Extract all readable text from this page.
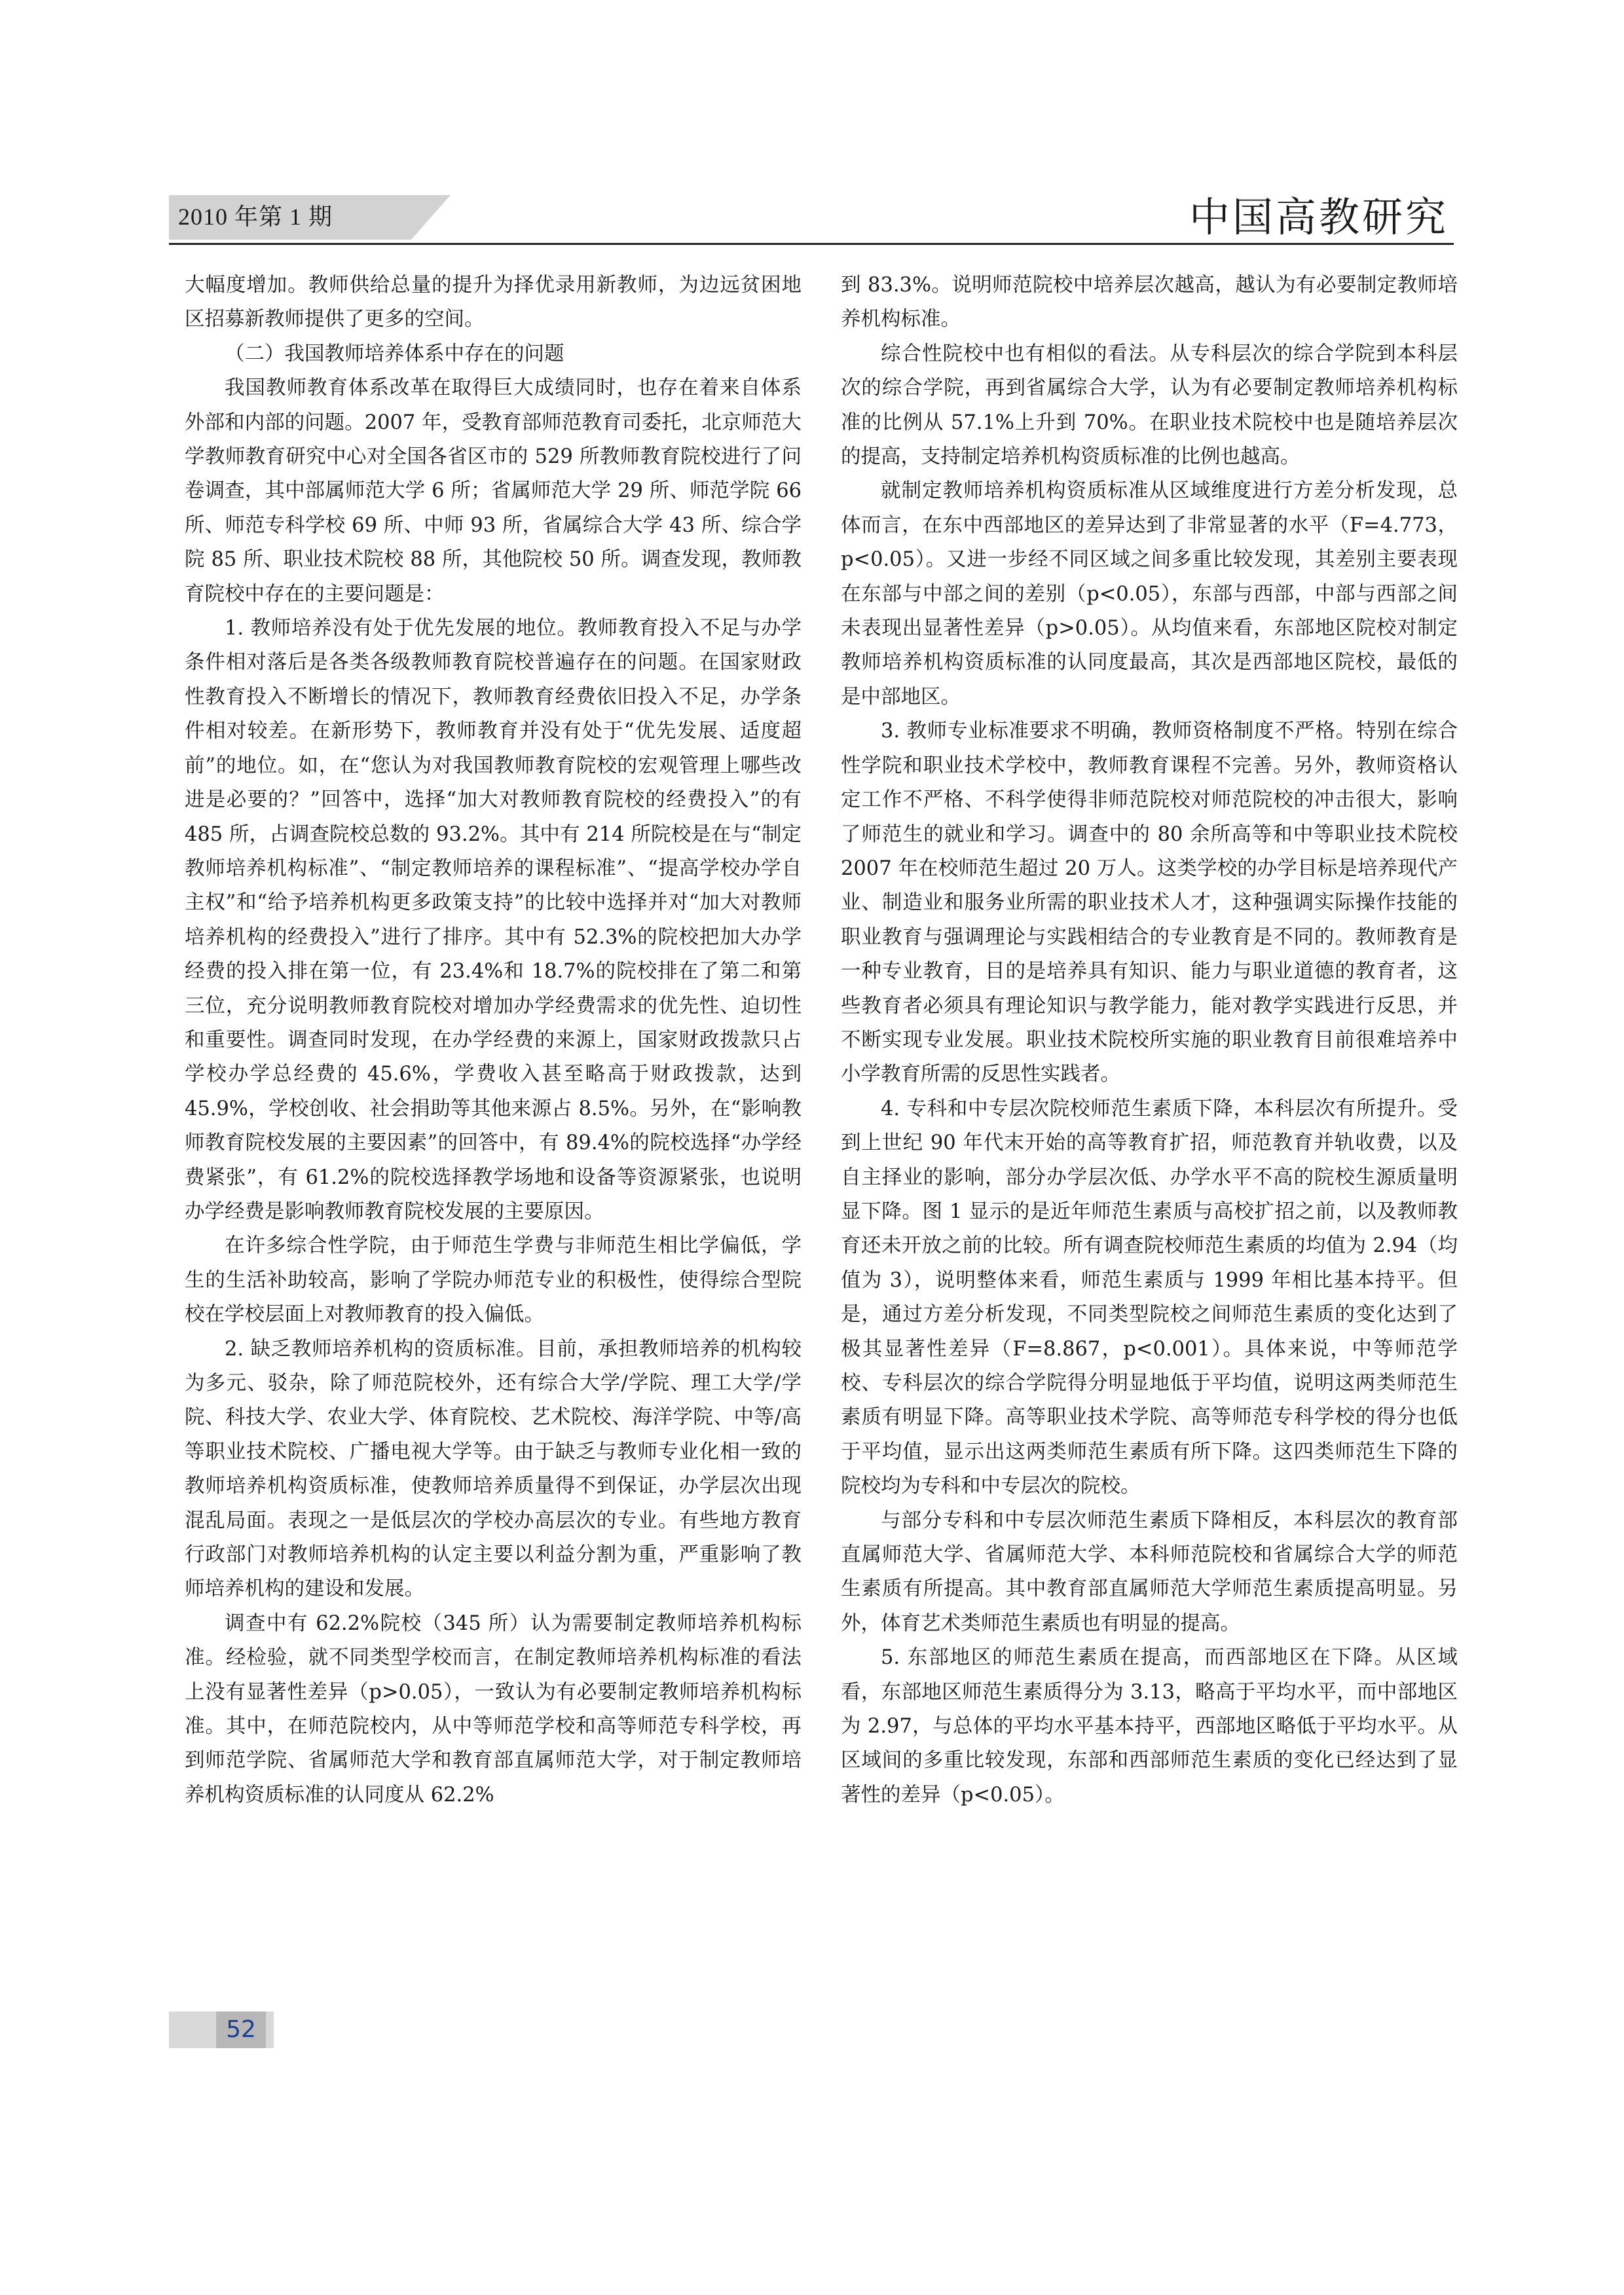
2010 年第 1 期	中国高教研究

大幅度增加。教师供给总量的提升为择优录用新教师，为边远贫困地区招募新教师提供了更多的空间。

（二）我国教师培养体系中存在的问题

我国教师教育体系改革在取得巨大成绩同时，也存在着来自体系外部和内部的问题。2007 年，受教育部师范教育司委托，北京师范大学教师教育研究中心对全国各省区市的 529 所教师教育院校进行了问卷调查，其中部属师范大学 6 所；省属师范大学 29 所、师范学院 66 所、师范专科学校 69 所、中师 93 所，省属综合大学 43 所、综合学院 85 所、职业技术院校 88 所，其他院校 50 所。调查发现，教师教育院校中存在的主要问题是：

1. 教师培养没有处于优先发展的地位。教师教育投入不足与办学条件相对落后是各类各级教师教育院校普遍存在的问题。在国家财政性教育投入不断增长的情况下，教师教育经费依旧投入不足，办学条件相对较差。在新形势下，教师教育并没有处于“优先发展、适度超前”的地位。如，在“您认为对我国教师教育院校的宏观管理上哪些改进是必要的？”回答中，选择“加大对教师教育院校的经费投入”的有 485 所，占调查院校总数的 93.2%。其中有 214 所院校是在与“制定教师培养机构标准”、“制定教师培养的课程标准”、“提高学校办学自主权”和“给予培养机构更多政策支持”的比较中选择并对“加大对教师培养机构的经费投入”进行了排序。其中有 52.3%的院校把加大办学经费的投入排在第一位，有 23.4%和 18.7%的院校排在了第二和第三位，充分说明教师教育院校对增加办学经费需求的优先性、迫切性和重要性。调查同时发现，在办学经费的来源上，国家财政拨款只占学校办学总经费的 45.6%，学费收入甚至略高于财政拨款，达到 45.9%，学校创收、社会捐助等其他来源占 8.5%。另外，在“影响教师教育院校发展的主要因素”的回答中，有 89.4%的院校选择“办学经费紧张”，有 61.2%的院校选择教学场地和设备等资源紧张，也说明办学经费是影响教师教育院校发展的主要原因。

在许多综合性学院，由于师范生学费与非师范生相比学偏低，学生的生活补助较高，影响了学院办师范专业的积极性，使得综合型院校在学校层面上对教师教育的投入偏低。

2. 缺乏教师培养机构的资质标准。目前，承担教师培养的机构较为多元、驳杂，除了师范院校外，还有综合大学/学院、理工大学/学院、科技大学、农业大学、体育院校、艺术院校、海洋学院、中等/高等职业技术院校、广播电视大学等。由于缺乏与教师专业化相一致的教师培养机构资质标准，使教师培养质量得不到保证，办学层次出现混乱局面。表现之一是低层次的学校办高层次的专业。有些地方教育行政部门对教师培养机构的认定主要以利益分割为重，严重影响了教师培养机构的建设和发展。

调查中有 62.2%院校（345 所）认为需要制定教师培养机构标准。经检验，就不同类型学校而言，在制定教师培养机构标准的看法上没有显著性差异（p>0.05），一致认为有必要制定教师培养机构标准。其中，在师范院校内，从中等师范学校和高等师范专科学校，再到师范学院、省属师范大学和教育部直属师范大学，对于制定教师培养机构资质标准的认同度从 62.2%

到 83.3%。说明师范院校中培养层次越高，越认为有必要制定教师培养机构标准。

综合性院校中也有相似的看法。从专科层次的综合学院到本科层次的综合学院，再到省属综合大学，认为有必要制定教师培养机构标准的比例从 57.1%上升到 70%。在职业技术院校中也是随培养层次的提高，支持制定培养机构资质标准的比例也越高。

就制定教师培养机构资质标准从区域维度进行方差分析发现，总体而言，在东中西部地区的差异达到了非常显著的水平（F=4.773，p<0.05）。又进一步经不同区域之间多重比较发现，其差别主要表现在东部与中部之间的差别（p<0.05），东部与西部，中部与西部之间未表现出显著性差异（p>0.05）。从均值来看，东部地区院校对制定教师培养机构资质标准的认同度最高，其次是西部地区院校，最低的是中部地区。

3. 教师专业标准要求不明确，教师资格制度不严格。特别在综合性学院和职业技术学校中，教师教育课程不完善。另外，教师资格认定工作不严格、不科学使得非师范院校对师范院校的冲击很大，影响了师范生的就业和学习。调查中的 80 余所高等和中等职业技术院校 2007 年在校师范生超过 20 万人。这类学校的办学目标是培养现代产业、制造业和服务业所需的职业技术人才，这种强调实际操作技能的职业教育与强调理论与实践相结合的专业教育是不同的。教师教育是一种专业教育，目的是培养具有知识、能力与职业道德的教育者，这些教育者必须具有理论知识与教学能力，能对教学实践进行反思，并不断实现专业发展。职业技术院校所实施的职业教育目前很难培养中小学教育所需的反思性实践者。

4. 专科和中专层次院校师范生素质下降，本科层次有所提升。受到上世纪 90 年代末开始的高等教育扩招，师范教育并轨收费，以及自主择业的影响，部分办学层次低、办学水平不高的院校生源质量明显下降。图 1 显示的是近年师范生素质与高校扩招之前，以及教师教育还未开放之前的比较。所有调查院校师范生素质的均值为 2.94（均值为 3），说明整体来看，师范生素质与 1999 年相比基本持平。但是，通过方差分析发现，不同类型院校之间师范生素质的变化达到了极其显著性差异（F=8.867，p<0.001）。具体来说，中等师范学校、专科层次的综合学院得分明显地低于平均值，说明这两类师范生素质有明显下降。高等职业技术学院、高等师范专科学校的得分也低于平均值，显示出这两类师范生素质有所下降。这四类师范生下降的院校均为专科和中专层次的院校。

与部分专科和中专层次师范生素质下降相反，本科层次的教育部直属师范大学、省属师范大学、本科师范院校和省属综合大学的师范生素质有所提高。其中教育部直属师范大学师范生素质提高明显。另外，体育艺术类师范生素质也有明显的提高。

5. 东部地区的师范生素质在提高，而西部地区在下降。从区域看，东部地区师范生素质得分为 3.13，略高于平均水平，而中部地区为 2.97，与总体的平均水平基本持平，西部地区略低于平均水平。从区域间的多重比较发现，东部和西部师范生素质的变化已经达到了显著性的差异（p<0.05）。

52
